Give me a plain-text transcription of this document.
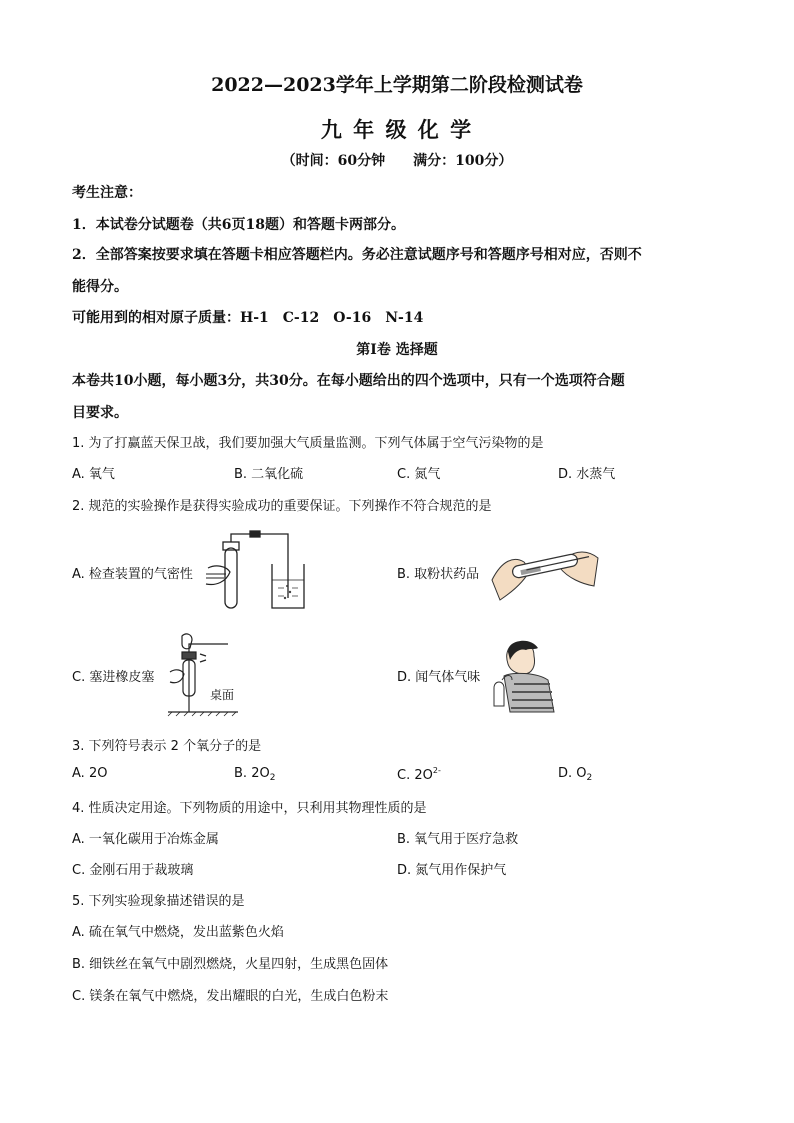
2022—2023学年上学期第二阶段检测试卷
九 年 级 化 学
（时间：60分钟　　满分：100分）
考生注意：
1．本试卷分试题卷（共6页18题）和答题卡两部分。
2．全部答案按要求填在答题卡相应答题栏内。务必注意试题序号和答题序号相对应，否则不
能得分。
可能用到的相对原子质量：H-1　C-12　O-16　N-14
第Ⅰ卷 选择题
本卷共10小题，每小题3分，共30分。在每小题给出的四个选项中，只有一个选项符合题
目要求。
1. 为了打赢蓝天保卫战，我们要加强大气质量监测。下列气体属于空气污染物的是
A. 氧气	B. 二氧化硫	C. 氮气	D. 水蒸气
2. 规范的实验操作是获得实验成功的重要保证。下列操作不符合规范的是
A. 检查装置的气密性	B. 取粉状药品
C. 塞进橡皮塞	D. 闻气体气味
桌面
3. 下列符号表示 2 个氧分子的是
A. 2O	B. $2O_2$	C. $2O^{2-}$	D. $O_2$
4. 性质决定用途。下列物质的用途中，只利用其物理性质的是
A. 一氧化碳用于冶炼金属	B. 氧气用于医疗急救
C. 金刚石用于裁玻璃	D. 氮气用作保护气
5. 下列实验现象描述错误的是
A. 硫在氧气中燃烧，发出蓝紫色火焰
B. 细铁丝在氧气中剧烈燃烧，火星四射，生成黑色固体
C. 镁条在氧气中燃烧，发出耀眼的白光，生成白色粉末
